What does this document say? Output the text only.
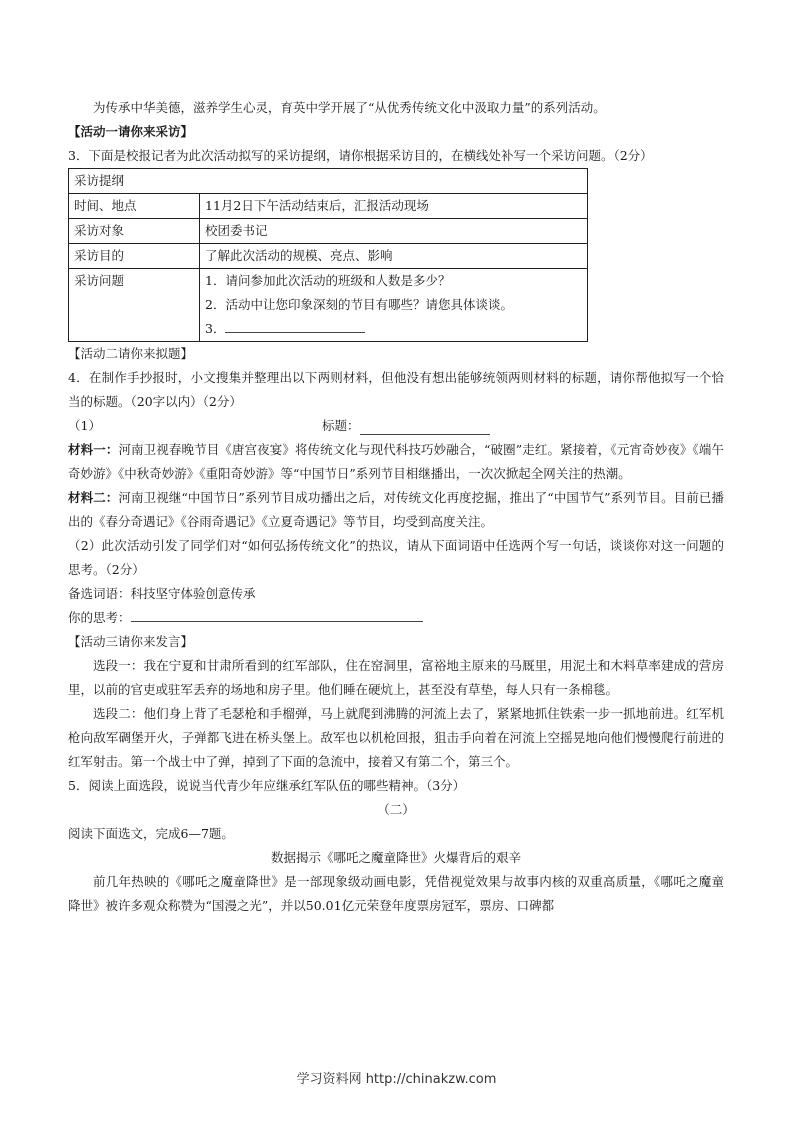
为传承中华美德，滋养学生心灵，育英中学开展了“从优秀传统文化中汲取力量”的系列活动。

【活动一请你来采访】

3．下面是校报记者为此次活动拟写的采访提纲，请你根据采访目的，在横线处补写一个采访问题。（2分）

采访提纲	
时间、地点	11月2日下午活动结束后，汇报活动现场
采访对象	校团委书记
采访目的	了解此次活动的规模、亮点、影响
采访问题	1．请问参加此次活动的班级和人数是多少？
2．活动中让您印象深刻的节目有哪些？请您具体谈谈。
3．

【活动二请你来拟题】

4．在制作手抄报时，小文搜集并整理出以下两则材料，但他没有想出能够统领两则材料的标题，请你帮他拟写一个恰当的标题。（20字以内）（2分）

（1）	标题：

材料一：河南卫视春晚节目《唐宫夜宴》将传统文化与现代科技巧妙融合，“破圈”走红。紧接着，《元宵奇妙夜》《端午奇妙游》《中秋奇妙游》《重阳奇妙游》等“中国节日”系列节目相继播出，一次次掀起全网关注的热潮。

材料二：河南卫视继“中国节日”系列节目成功播出之后，对传统文化再度挖掘，推出了“中国节气”系列节目。目前已播出的《春分奇遇记》《谷雨奇遇记》《立夏奇遇记》等节目，均受到高度关注。

（2）此次活动引发了同学们对“如何弘扬传统文化”的热议，请从下面词语中任选两个写一句话，谈谈你对这一问题的思考。（2分）

备选词语：科技坚守体验创意传承

你的思考：

【活动三请你来发言】

选段一：我在宁夏和甘肃所看到的红军部队，住在窑洞里，富裕地主原来的马厩里，用泥土和木料草率建成的营房里，以前的官吏或驻军丢弃的场地和房子里。他们睡在硬炕上，甚至没有草垫，每人只有一条棉毯。

选段二：他们身上背了毛瑟枪和手榴弹，马上就爬到沸腾的河流上去了，紧紧地抓住铁索一步一抓地前进。红军机枪向敌军碉堡开火，子弹都飞进在桥头堡上。敌军也以机枪回报，狙击手向着在河流上空摇晃地向他们慢慢爬行前进的红军射击。第一个战士中了弹，掉到了下面的急流中，接着又有第二个，第三个。

5．阅读上面选段，说说当代青少年应继承红军队伍的哪些精神。（3分）

（二）

阅读下面选文，完成6—7题。

数据揭示《哪吒之魔童降世》火爆背后的艰辛

前几年热映的《哪吒之魔童降世》是一部现象级动画电影，凭借视觉效果与故事内核的双重高质量，《哪吒之魔童降世》被许多观众称赞为“国漫之光”，并以50.01亿元荣登年度票房冠军，票房、口碑都

学习资料网 http://chinakzw.com
